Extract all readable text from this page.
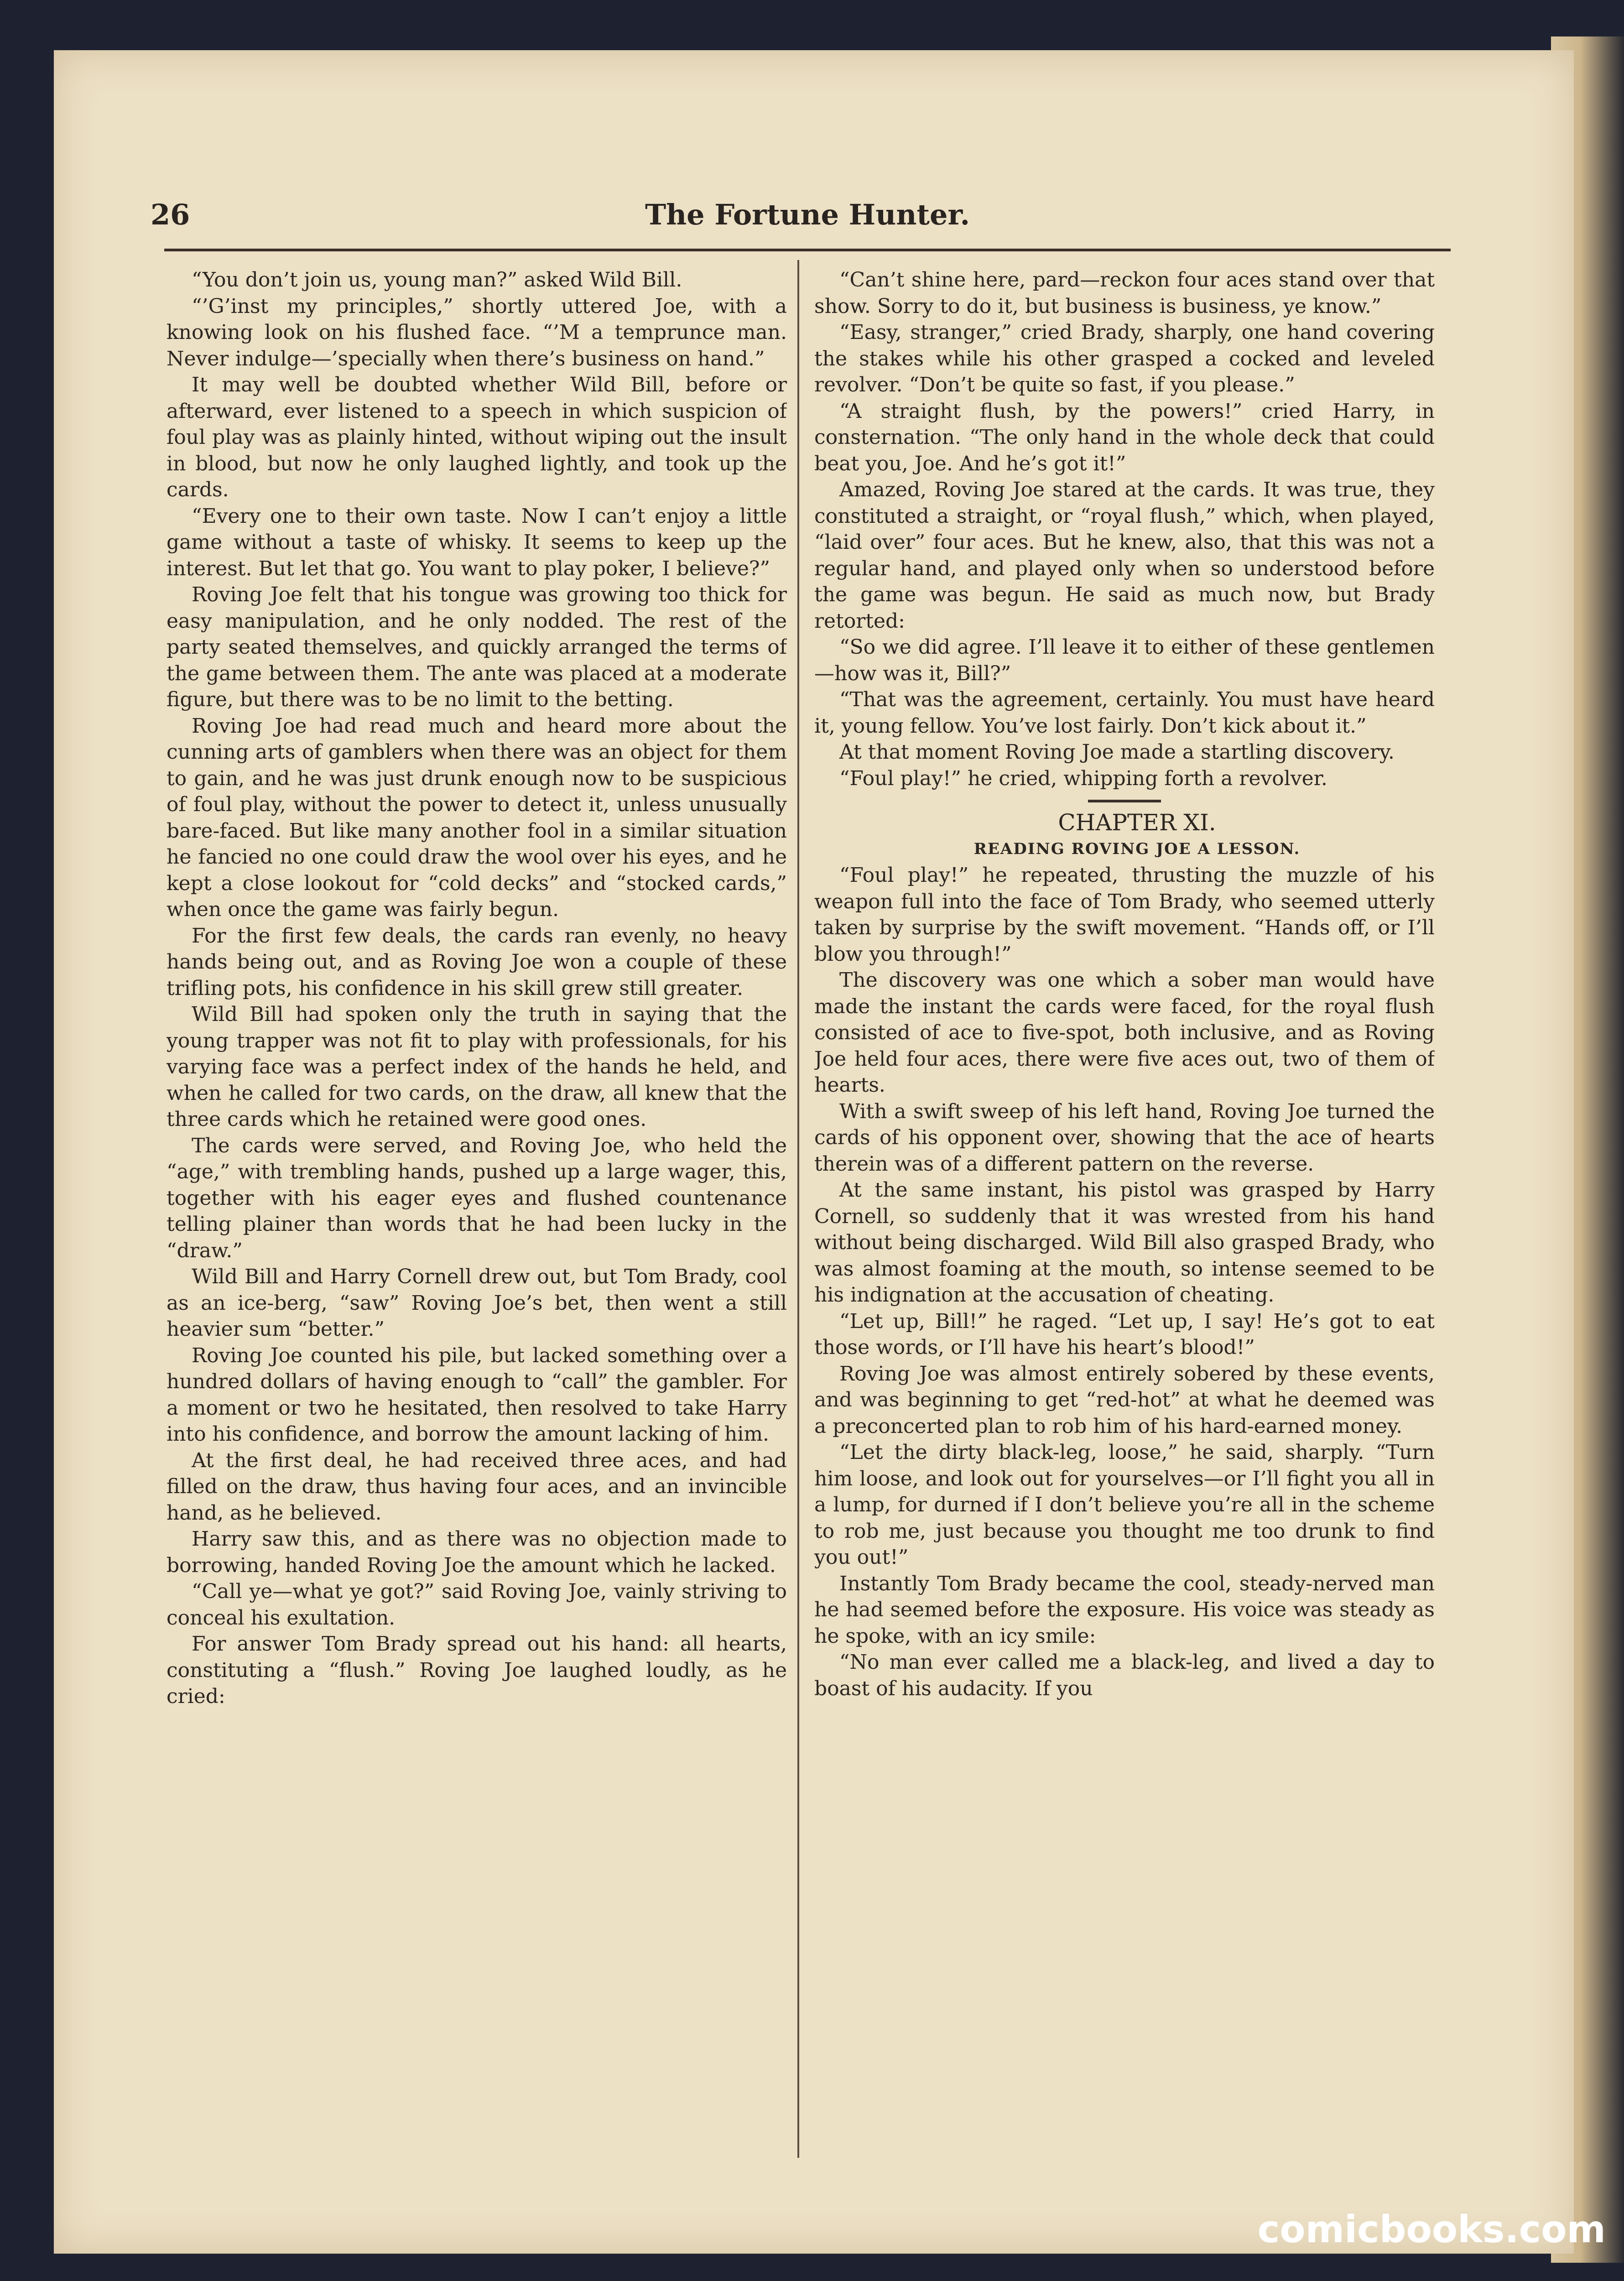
26	The Fortune Hunter.

“You don’t join us, young man?” asked Wild Bill.

“’G’inst my principles,” shortly uttered Joe, with a knowing look on his flushed face. “’M a temprunce man. Never indulge—’specially when there’s business on hand.”

It may well be doubted whether Wild Bill, before or afterward, ever listened to a speech in which suspicion of foul play was as plainly hinted, without wiping out the insult in blood, but now he only laughed lightly, and took up the cards.

“Every one to their own taste. Now I can’t enjoy a little game without a taste of whisky. It seems to keep up the interest. But let that go. You want to play poker, I believe?”

Roving Joe felt that his tongue was growing too thick for easy manipulation, and he only nodded. The rest of the party seated themselves, and quickly arranged the terms of the game between them. The ante was placed at a moderate figure, but there was to be no limit to the betting.

Roving Joe had read much and heard more about the cunning arts of gamblers when there was an object for them to gain, and he was just drunk enough now to be suspicious of foul play, without the power to detect it, unless unusually bare-faced. But like many another fool in a similar situation he fancied no one could draw the wool over his eyes, and he kept a close lookout for “cold decks” and “stocked cards,” when once the game was fairly begun.

For the first few deals, the cards ran evenly, no heavy hands being out, and as Roving Joe won a couple of these trifling pots, his confidence in his skill grew still greater.

Wild Bill had spoken only the truth in saying that the young trapper was not fit to play with professionals, for his varying face was a perfect index of the hands he held, and when he called for two cards, on the draw, all knew that the three cards which he retained were good ones.

The cards were served, and Roving Joe, who held the “age,” with trembling hands, pushed up a large wager, this, together with his eager eyes and flushed countenance telling plainer than words that he had been lucky in the “draw.”

Wild Bill and Harry Cornell drew out, but Tom Brady, cool as an ice-berg, “saw” Roving Joe’s bet, then went a still heavier sum “better.”

Roving Joe counted his pile, but lacked something over a hundred dollars of having enough to “call” the gambler. For a moment or two he hesitated, then resolved to take Harry into his confidence, and borrow the amount lacking of him.

At the first deal, he had received three aces, and had filled on the draw, thus having four aces, and an invincible hand, as he believed.

Harry saw this, and as there was no objection made to borrowing, handed Roving Joe the amount which he lacked.

“Call ye—what ye got?” said Roving Joe, vainly striving to conceal his exultation.

For answer Tom Brady spread out his hand: all hearts, constituting a “flush.” Roving Joe laughed loudly, as he cried:

“Can’t shine here, pard—reckon four aces stand over that show. Sorry to do it, but business is business, ye know.”

“Easy, stranger,” cried Brady, sharply, one hand covering the stakes while his other grasped a cocked and leveled revolver. “Don’t be quite so fast, if you please.”

“A straight flush, by the powers!” cried Harry, in consternation. “The only hand in the whole deck that could beat you, Joe. And he’s got it!”

Amazed, Roving Joe stared at the cards. It was true, they constituted a straight, or “royal flush,” which, when played, “laid over” four aces. But he knew, also, that this was not a regular hand, and played only when so understood before the game was begun. He said as much now, but Brady retorted:

“So we did agree. I’ll leave it to either of these gentlemen—how was it, Bill?”

“That was the agreement, certainly. You must have heard it, young fellow. You’ve lost fairly. Don’t kick about it.”

At that moment Roving Joe made a startling discovery.

“Foul play!” he cried, whipping forth a revolver.

CHAPTER XI.

READING ROVING JOE A LESSON.

“Foul play!” he repeated, thrusting the muzzle of his weapon full into the face of Tom Brady, who seemed utterly taken by surprise by the swift movement. “Hands off, or I’ll blow you through!”

The discovery was one which a sober man would have made the instant the cards were faced, for the royal flush consisted of ace to five-spot, both inclusive, and as Roving Joe held four aces, there were five aces out, two of them of hearts.

With a swift sweep of his left hand, Roving Joe turned the cards of his opponent over, showing that the ace of hearts therein was of a different pattern on the reverse.

At the same instant, his pistol was grasped by Harry Cornell, so suddenly that it was wrested from his hand without being discharged. Wild Bill also grasped Brady, who was almost foaming at the mouth, so intense seemed to be his indignation at the accusation of cheating.

“Let up, Bill!” he raged. “Let up, I say! He’s got to eat those words, or I’ll have his heart’s blood!”

Roving Joe was almost entirely sobered by these events, and was beginning to get “red-hot” at what he deemed was a preconcerted plan to rob him of his hard-earned money.

“Let the dirty black-leg, loose,” he said, sharply. “Turn him loose, and look out for yourselves—or I’ll fight you all in a lump, for durned if I don’t believe you’re all in the scheme to rob me, just because you thought me too drunk to find you out!”

Instantly Tom Brady became the cool, steady-nerved man he had seemed before the exposure. His voice was steady as he spoke, with an icy smile:

“No man ever called me a black-leg, and lived a day to boast of his audacity. If you

comicbooks.com
